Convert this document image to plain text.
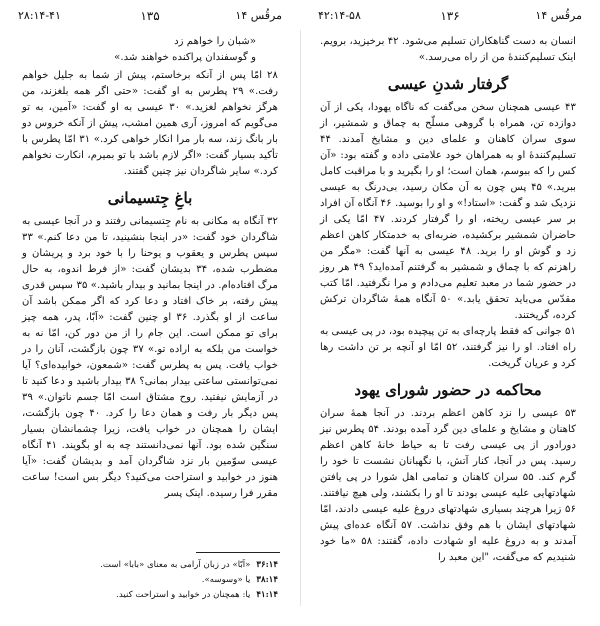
مرقُس ۱۴
۱۳۵
۲۸:۱۴-۴۱
«شبان را خواهم زد
و گوسفندان پراکنده خواهند شد.»

۲۸ امّا پس از آنکه برخاستم، پیش از شما به جلیل خواهم رفت.» ۲۹ پطرس به او گفت: «حتی اگر همه بلغزند، من هرگز نخواهم لغزید.» ۳۰ عیسی به او گفت: «آمین، به تو می‌گویم که امروز، آری همین امشب، پیش از آنکه خروس دو بار بانگ زند، سه بار مرا انکار خواهی کرد.» ۳۱ امّا پطرس با تأکید بسیار گفت: «اگر لازم باشد با تو بمیرم، انکارت نخواهم کرد.» سایر شاگردان نیز چنین گفتند.

باغِ جِتسیمانی

۳۲ آنگاه به مکانی به نام جِتسیمانی رفتند و در آنجا عیسی به شاگردان خود گفت: «در اینجا بنشینید، تا من دعا کنم.» ۳۳ سپس پطرس و یعقوب و یوحنا را با خود برد و پریشان و مضطرب شده، ۳۴ بدیشان گفت: «از فرط اندوه، به حال مرگ افتاده‌ام. در اینجا بمانید و بیدار باشید.» ۳۵ سپس قدری پیش رفته، بر خاک افتاد و دعا کرد که اگر ممکن باشد آن ساعت از او بگذرد. ۳۶ او چنین گفت: «اَبّا، پدر، همه چیز برای تو ممکن است. این جام را از من دور کن، امّا نه به خواست من بلکه به اراده تو.» ۳۷ چون بازگشت، آنان را در خواب یافت. پس به پطرس گفت: «شمعون، خوابیده‌ای؟ آیا نمی‌توانستی ساعتی بیدار بمانی؟ ۳۸ بیدار باشید و دعا کنید تا در آزمایش نیفتید. روح مشتاق است امّا جسم ناتوان.» ۳۹ پس دیگر بار رفت و همان دعا را کرد. ۴۰ چون بازگشت، ایشان را همچنان در خواب یافت، زیرا چشمانشان بسیار سنگین شده بود. آنها نمی‌دانستند چه به او بگویند. ۴۱ آنگاه عیسی سوّمین بار نزد شاگردان آمد و بدیشان گفت: «آیا هنوز در خوابید و استراحت می‌کنید؟ دیگر بس است! ساعت مقرر فرا رسیده. اینک پسر

۳۶:۱۴«اَبّا» در زبان آرامی به معنای «بابا» است.
۳۸:۱۴یا «وسوسه».
۴۱:۱۴یا: همچنان در خوابید و استراحت کنید.
مرقُس ۱۴
۱۳۶
۴۲:۱۴-۵۸

انسان به دست گناهکاران تسلیم می‌شود. ۴۲ برخیزید، برویم. اینک تسلیم‌کنندهٔ من از راه می‌رسد.»

گرفتار شدنِ عیسی

۴۳ عیسی همچنان سخن می‌گفت که ناگاه یهودا، یکی از آن دوازده تن، همراه با گروهی مسلّح به چماق و شمشیر، از سوی سران کاهنان و علمای دین و مشایخ آمدند. ۴۴ تسلیم‌کنندهٔ او به همراهان خود علامتی داده و گفته بود: «آن کس را که ببوسم، همان است؛ او را بگیرید و با مراقبت کامل ببرید.» ۴۵ پس چون به آن مکان رسید، بی‌درنگ به عیسی نزدیک شد و گفت: «استاد!» و او را بوسید. ۴۶ آنگاه آن افراد بر سر عیسی ریخته، او را گرفتار کردند. ۴۷ امّا یکی از حاضران شمشیر برکشیده، ضربه‌ای به خدمتکار کاهن اعظم زد و گوش او را برید. ۴۸ عیسی به آنها گفت: «مگر من راهزنم که با چماق و شمشیر به گرفتنم آمده‌اید؟ ۴۹ هر روز در حضور شما در معبد تعلیم می‌دادم و مرا نگرفتید. امّا کتب مقدّس می‌باید تحقق یابد.» ۵۰ آنگاه همهٔ شاگردان ترکش کرده، گریختند.

۵۱ جوانی که فقط پارچه‌ای به تن پیچیده بود، در پی عیسی به راه افتاد. او را نیز گرفتند، ۵۲ امّا او آنچه بر تن داشت رها کرد و عریان گریخت.

محاکمه در حضور شورای یهود

۵۳ عیسی را نزد کاهن اعظم بردند. در آنجا همهٔ سران کاهنان و مشایخ و علمای دین گرد آمده بودند. ۵۴ پطرس نیز دورادور از پی عیسی رفت تا به حیاط خانهٔ کاهن اعظم رسید. پس در آنجا، کنار آتش، با نگهبانان نشست تا خود را گرم کند. ۵۵ سران کاهنان و تمامی اهل شورا در پی یافتن شهادتهایی علیه عیسی بودند تا او را بکشند، ولی هیچ نیافتند. ۵۶ زیرا هرچند بسیاری شهادتهای دروغ علیه عیسی دادند، امّا شهادتهای ایشان با هم وفق نداشت. ۵۷ آنگاه عده‌ای پیش آمدند و به دروغ علیه او شهادت داده، گفتند: ۵۸ «ما خود شنیدیم که می‌گفت، "این معبد را
